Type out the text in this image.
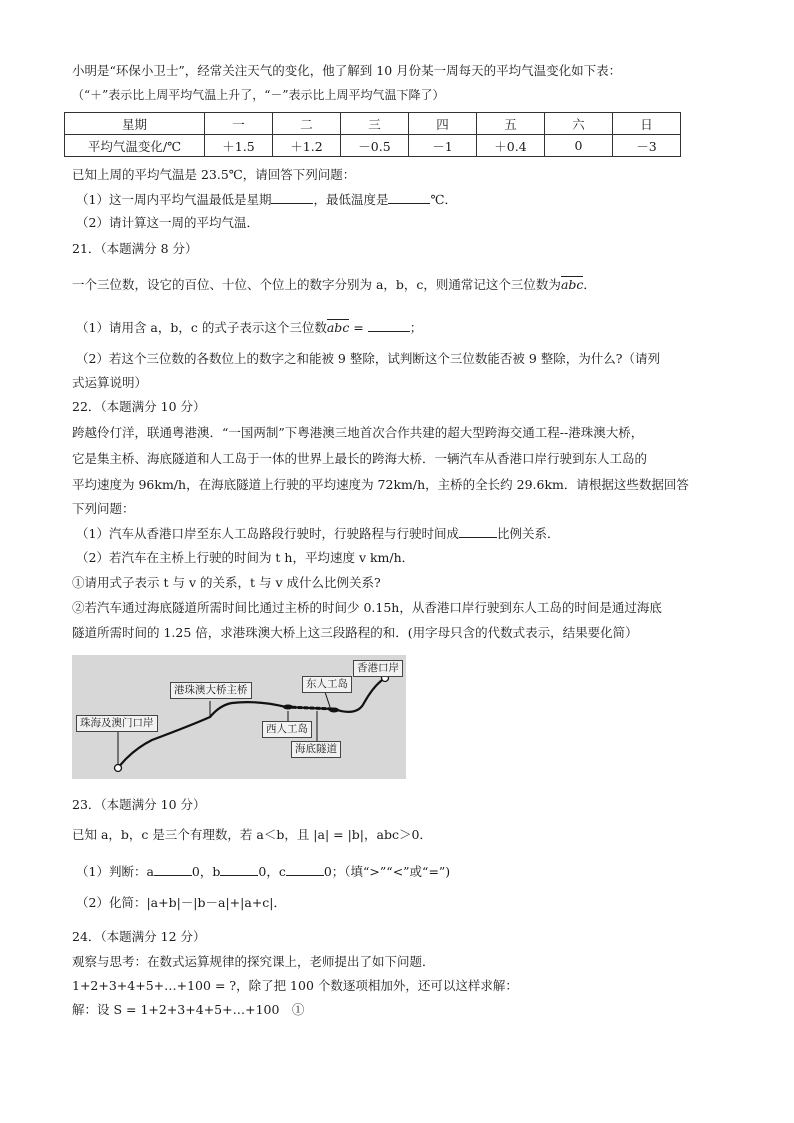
小明是“环保小卫士”，经常关注天气的变化，他了解到 10 月份某一周每天的平均气温变化如下表：
（“＋”表示比上周平均气温上升了，“－”表示比上周平均气温下降了）
星期	一	二	三	四	五	六	日
平均气温变化/℃	＋1.5	＋1.2	－0.5	－1	＋0.4	0	－3
已知上周的平均气温是 23.5℃，请回答下列问题：
（1）这一周内平均气温最低是星期	，最低温度是	℃．
（2）请计算这一周的平均气温．
21．（本题满分 8 分）
一个三位数，设它的百位、十位、个位上的数字分别为 a，b，c，则通常记这个三位数为abc．
（1）请用含 a，b，c 的式子表示这个三位数abc =	；
（2）若这个三位数的各数位上的数字之和能被 9 整除，试判断这个三位数能否被 9 整除，为什么?（请列
式运算说明）
22．（本题满分 10 分）
跨越伶仃洋，联通粤港澳．“一国两制”下粤港澳三地首次合作共建的超大型跨海交通工程--港珠澳大桥，
它是集主桥、海底隧道和人工岛于一体的世界上最长的跨海大桥．一辆汽车从香港口岸行驶到东人工岛的
平均速度为 96km/h，在海底隧道上行驶的平均速度为 72km/h，主桥的全长约 29.6km．请根据这些数据回答
下列问题：
（1）汽车从香港口岸至东人工岛路段行驶时，行驶路程与行驶时间成	比例关系．
（2）若汽车在主桥上行驶的时间为 t h，平均速度 v km/h．
①请用式子表示 t 与 v 的关系，t 与 v 成什么比例关系?
②若汽车通过海底隧道所需时间比通过主桥的时间少 0.15h，从香港口岸行驶到东人工岛的时间是通过海底
隧道所需时间的 1.25 倍，求港珠澳大桥上这三段路程的和．(用字母只含的代数式表示，结果要化简）
珠海及澳门口岸
港珠澳大桥主桥
西人工岛
东人工岛
香港口岸
海底隧道
23．（本题满分 10 分）
已知 a，b，c 是三个有理数，若 a＜b，且 |a| = |b|，abc＞0．
（1）判断：a	0，b	0，c	0；（填“>”“<”或“=”)
（2）化简：|a+b|－|b－a|+|a+c|．
24．（本题满分 12 分）
观察与思考：在数式运算规律的探究课上，老师提出了如下问题．
1+2+3+4+5+…+100 = ?，除了把 100 个数逐项相加外，还可以这样求解：
解：设 S = 1+2+3+4+5+…+100　①
